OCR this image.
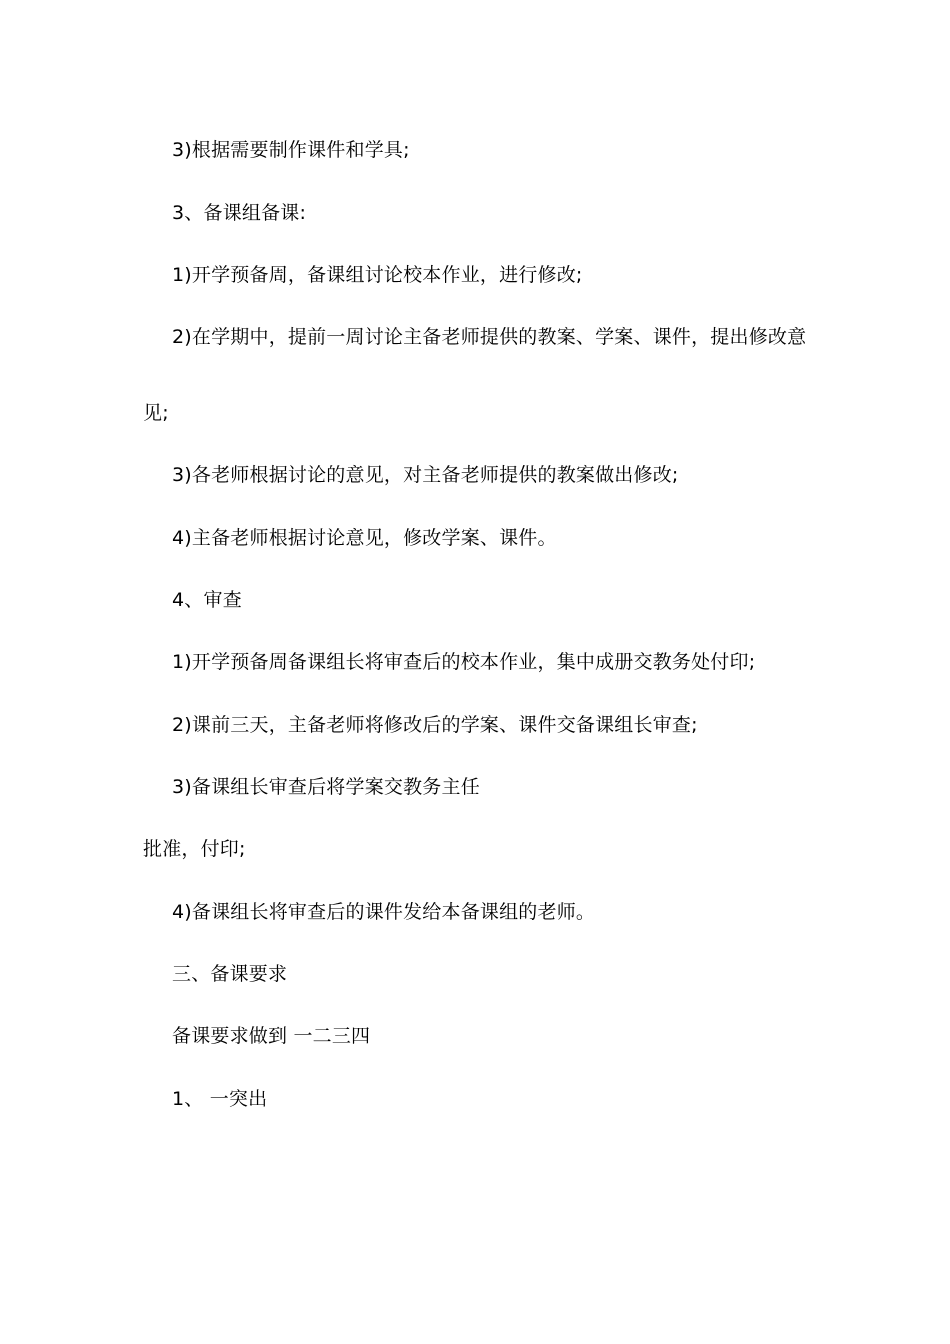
3)根据需要制作课件和学具;
3、备课组备课:
1)开学预备周，备课组讨论校本作业，进行修改;
2)在学期中，提前一周讨论主备老师提供的教案、学案、课件，提出修改意
见;
3)各老师根据讨论的意见，对主备老师提供的教案做出修改;
4)主备老师根据讨论意见，修改学案、课件。
4、审查
1)开学预备周备课组长将审查后的校本作业，集中成册交教务处付印;
2)课前三天，主备老师将修改后的学案、课件交备课组长审查;
3)备课组长审查后将学案交教务主任
批准，付印;
4)备课组长将审查后的课件发给本备课组的老师。
三、备课要求
备课要求做到 一二三四
1、 一突出
